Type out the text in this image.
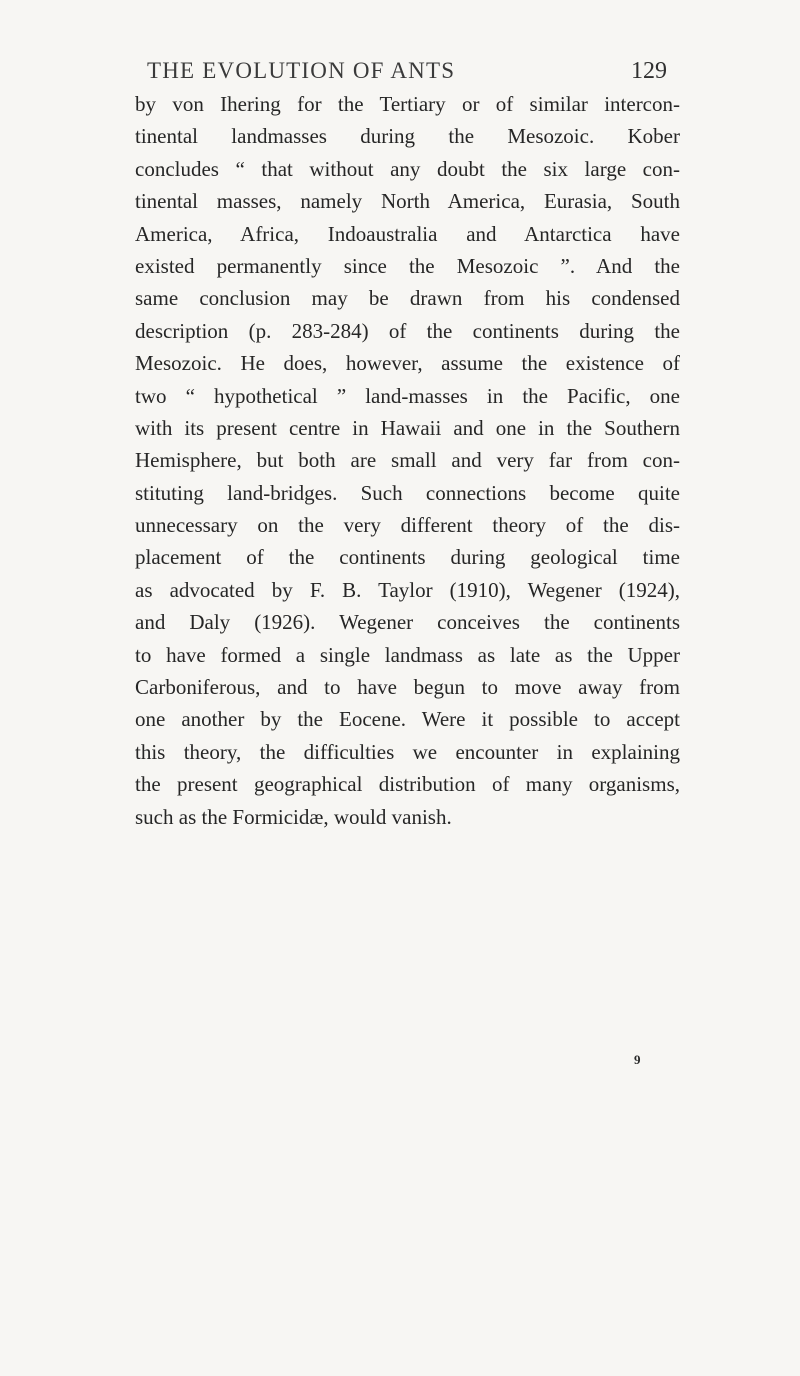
THE EVOLUTION OF ANTS	129
by von Ihering for the Tertiary or of similar intercon-
tinental landmasses during the Mesozoic. Kober
concludes “ that without any doubt the six large con-
tinental masses, namely North America, Eurasia, South
America, Africa, Indoaustralia and Antarctica have
existed permanently since the Mesozoic ”. And the
same conclusion may be drawn from his condensed
description (p. 283-284) of the continents during the
Mesozoic. He does, however, assume the existence of
two “ hypothetical ” land-masses in the Pacific, one
with its present centre in Hawaii and one in the Southern
Hemisphere, but both are small and very far from con-
stituting land-bridges. Such connections become quite
unnecessary on the very different theory of the dis-
placement of the continents during geological time
as advocated by F. B. Taylor (1910), Wegener (1924),
and Daly (1926). Wegener conceives the continents
to have formed a single landmass as late as the Upper
Carboniferous, and to have begun to move away from
one another by the Eocene. Were it possible to accept
this theory, the difficulties we encounter in explaining
the present geographical distribution of many organisms,
such as the Formicidæ, would vanish.
9
